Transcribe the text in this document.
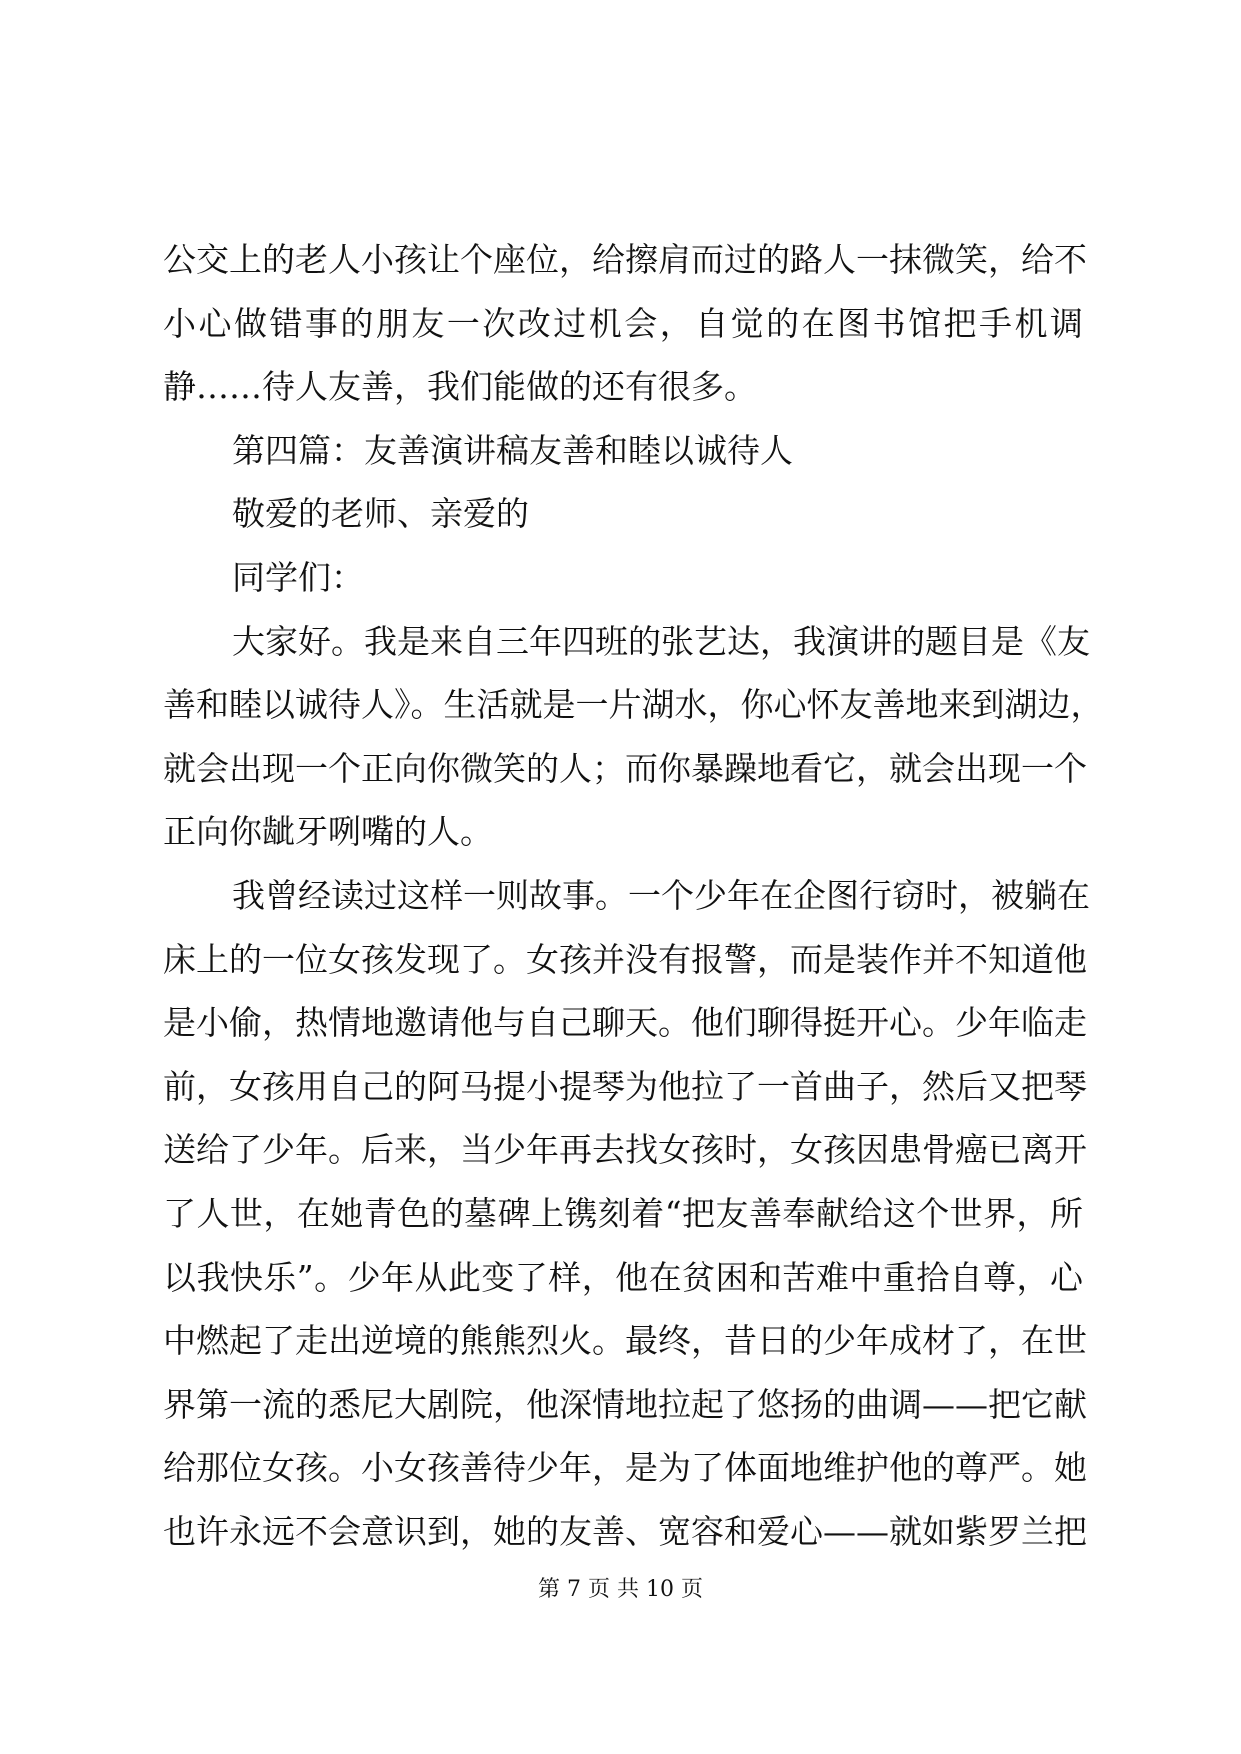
公交上的老人小孩让个座位，给擦肩而过的路人一抹微笑，给不
小心做错事的朋友一次改过机会，自觉的在图书馆把手机调
静……待人友善，我们能做的还有很多。
第四篇：友善演讲稿友善和睦以诚待人
敬爱的老师、亲爱的
同学们：
大家好。我是来自三年四班的张艺达，我演讲的题目是《友
善和睦以诚待人》。生活就是一片湖水，你心怀友善地来到湖边，
就会出现一个正向你微笑的人；而你暴躁地看它，就会出现一个
正向你龇牙咧嘴的人。
我曾经读过这样一则故事。一个少年在企图行窃时，被躺在
床上的一位女孩发现了。女孩并没有报警，而是装作并不知道他
是小偷，热情地邀请他与自己聊天。他们聊得挺开心。少年临走
前，女孩用自己的阿马提小提琴为他拉了一首曲子，然后又把琴
送给了少年。后来，当少年再去找女孩时，女孩因患骨癌已离开
了人世，在她青色的墓碑上镌刻着“把友善奉献给这个世界，所
以我快乐”。少年从此变了样，他在贫困和苦难中重拾自尊，心
中燃起了走出逆境的熊熊烈火。最终，昔日的少年成材了，在世
界第一流的悉尼大剧院，他深情地拉起了悠扬的曲调——把它献
给那位女孩。小女孩善待少年，是为了体面地维护他的尊严。她
也许永远不会意识到，她的友善、宽容和爱心——就如紫罗兰把
第 7 页 共 10 页
